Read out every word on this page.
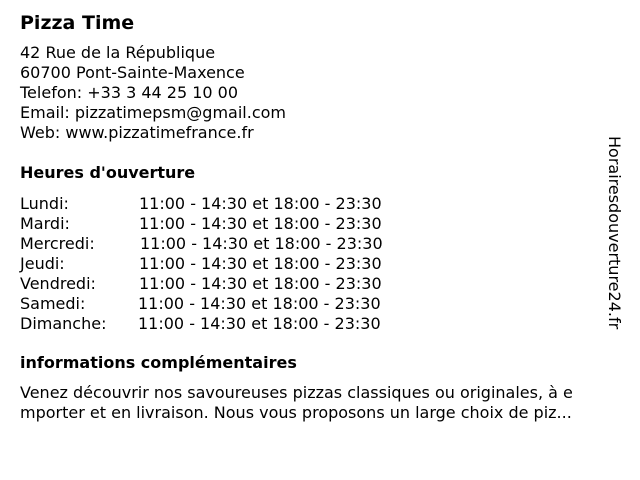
Pizza Time
42 Rue de la République
60700 Pont-Sainte-Maxence
Telefon: +33 3 44 25 10 00
Email: pizzatimepsm@gmail.com
Web: www.pizzatimefrance.fr
Heures d'ouverture
Lundi:	11:00 - 14:30 et 18:00 - 23:30
Mardi:	11:00 - 14:30 et 18:00 - 23:30
Mercredi:	11:00 - 14:30 et 18:00 - 23:30
Jeudi:	11:00 - 14:30 et 18:00 - 23:30
Vendredi:	11:00 - 14:30 et 18:00 - 23:30
Samedi:	11:00 - 14:30 et 18:00 - 23:30
Dimanche: 11:00 - 14:30 et 18:00 - 23:30
informations complémentaires
Venez découvrir nos savoureuses pizzas classiques ou originales, à e
mporter et en livraison. Nous vous proposons un large choix de piz...
Horairesdouverture24.fr
